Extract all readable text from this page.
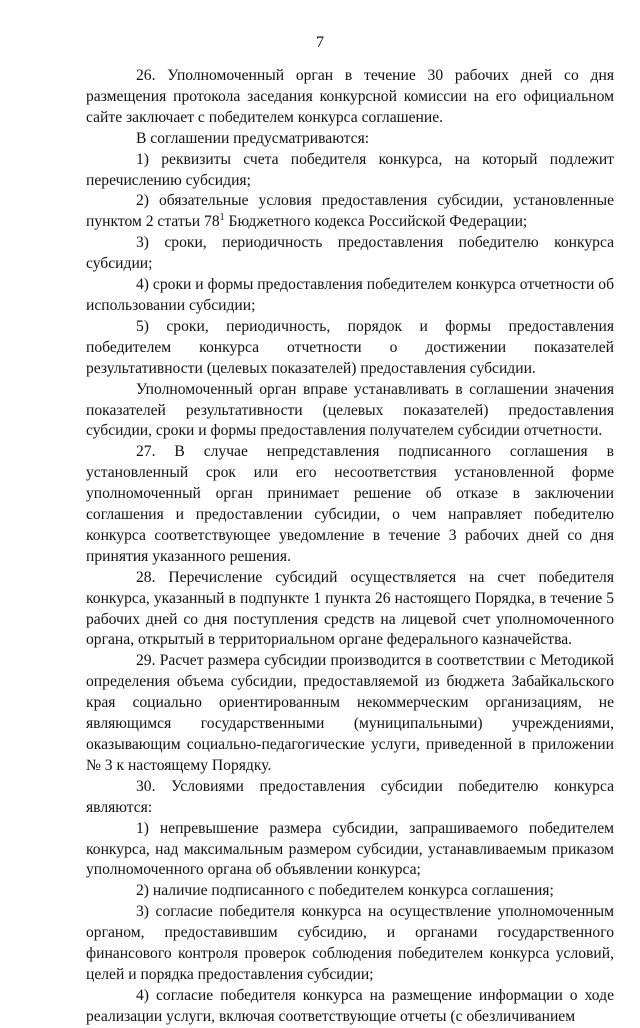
7

26. Уполномоченный орган в течение 30 рабочих дней со дня размещения протокола заседания конкурсной комиссии на его официальном сайте заключает с победителем конкурса соглашение.

В соглашении предусматриваются:

1) реквизиты счета победителя конкурса, на который подлежит перечислению субсидия;

2) обязательные условия предоставления субсидии, установленные пунктом 2 статьи $78^1$ Бюджетного кодекса Российской Федерации;

3) сроки, периодичность предоставления победителю конкурса субсидии;

4) сроки и формы предоставления победителем конкурса отчетности об использовании субсидии;

5) сроки, периодичность, порядок и формы предоставления победителем конкурса отчетности о достижении показателей результативности (целевых показателей) предоставления субсидии.

Уполномоченный орган вправе устанавливать в соглашении значения показателей результативности (целевых показателей) предоставления субсидии, сроки и формы предоставления получателем субсидии отчетности.

27. В случае непредставления подписанного соглашения в установленный срок или его несоответствия установленной форме уполномоченный орган принимает решение об отказе в заключении соглашения и предоставлении субсидии, о чем направляет победителю конкурса соответствующее уведомление в течение 3 рабочих дней со дня принятия указанного решения.

28. Перечисление субсидий осуществляется на счет победителя конкурса, указанный в подпункте 1 пункта 26 настоящего Порядка, в течение 5 рабочих дней со дня поступления средств на лицевой счет уполномоченного органа, открытый в территориальном органе федерального казначейства.

29. Расчет размера субсидии производится в соответствии с Методикой определения объема субсидии, предоставляемой из бюджета Забайкальского края социально ориентированным некоммерческим организациям, не являющимся государственными (муниципальными) учреждениями, оказывающим социально-педагогические услуги, приведенной в приложении № 3 к настоящему Порядку.

30. Условиями предоставления субсидии победителю конкурса являются:

1) непревышение размера субсидии, запрашиваемого победителем конкурса, над максимальным размером субсидии, устанавливаемым приказом уполномоченного органа об объявлении конкурса;

2) наличие подписанного с победителем конкурса соглашения;

3) согласие победителя конкурса на осуществление уполномоченным органом, предоставившим субсидию, и органами государственного финансового контроля проверок соблюдения победителем конкурса условий, целей и порядка предоставления субсидии;

4) согласие победителя конкурса на размещение информации о ходе реализации услуги, включая соответствующие отчеты (с обезличиванием
